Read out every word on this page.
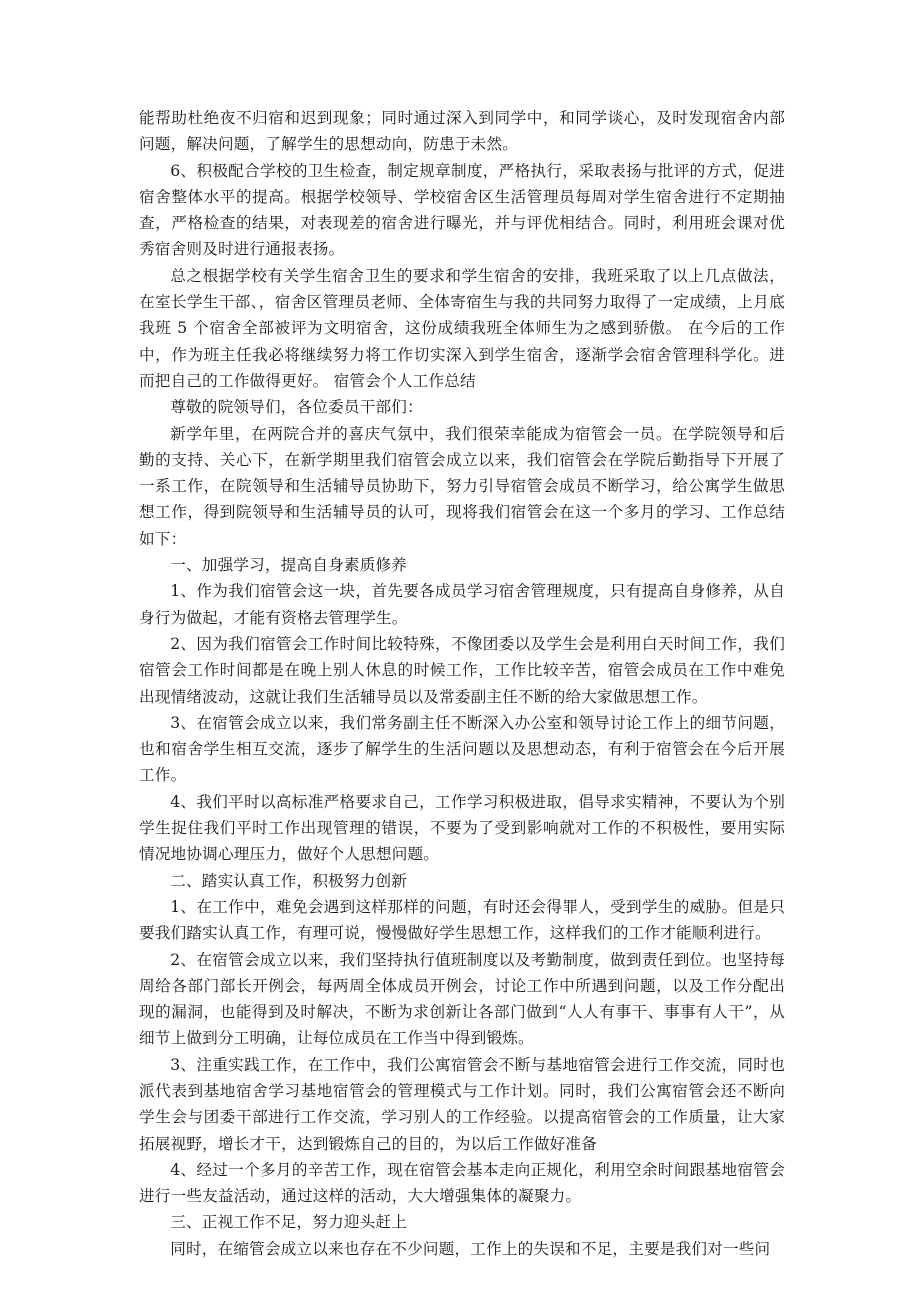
能帮助杜绝夜不归宿和迟到现象；同时通过深入到同学中，和同学谈心，及时发现宿舍内部问题，解决问题，了解学生的思想动向，防患于未然。

6、积极配合学校的卫生检查，制定规章制度，严格执行，采取表扬与批评的方式，促进宿舍整体水平的提高。根据学校领导、学校宿舍区生活管理员每周对学生宿舍进行不定期抽查，严格检查的结果，对表现差的宿舍进行曝光，并与评优相结合。同时，利用班会课对优秀宿舍则及时进行通报表扬。

总之根据学校有关学生宿舍卫生的要求和学生宿舍的安排，我班采取了以上几点做法，在室长学生干部、，宿舍区管理员老师、全体寄宿生与我的共同努力取得了一定成绩，上月底我班 5 个宿舍全部被评为文明宿舍，这份成绩我班全体师生为之感到骄傲。 在今后的工作中，作为班主任我必将继续努力将工作切实深入到学生宿舍，逐渐学会宿舍管理科学化。进而把自己的工作做得更好。 宿管会个人工作总结

尊敬的院领导们，各位委员干部们：

新学年里，在两院合并的喜庆气氛中，我们很荣幸能成为宿管会一员。在学院领导和后勤的支持、关心下，在新学期里我们宿管会成立以来，我们宿管会在学院后勤指导下开展了一系工作，在院领导和生活辅导员协助下，努力引导宿管会成员不断学习，给公寓学生做思想工作，得到院领导和生活辅导员的认可，现将我们宿管会在这一个多月的学习、工作总结如下：

一、加强学习，提高自身素质修养

1、作为我们宿管会这一块，首先要各成员学习宿舍管理规度，只有提高自身修养，从自身行为做起，才能有资格去管理学生。

2、因为我们宿管会工作时间比较特殊，不像团委以及学生会是利用白天时间工作，我们宿管会工作时间都是在晚上别人休息的时候工作，工作比较辛苦，宿管会成员在工作中难免出现情绪波动，这就让我们生活辅导员以及常委副主任不断的给大家做思想工作。

3、在宿管会成立以来，我们常务副主任不断深入办公室和领导讨论工作上的细节问题，也和宿舍学生相互交流，逐步了解学生的生活问题以及思想动态，有利于宿管会在今后开展工作。

4、我们平时以高标准严格要求自己，工作学习积极进取，倡导求实精神，不要认为个别学生捉住我们平时工作出现管理的错误，不要为了受到影响就对工作的不积极性，要用实际情况地协调心理压力，做好个人思想问题。

二、踏实认真工作，积极努力创新

1、在工作中，难免会遇到这样那样的问题，有时还会得罪人，受到学生的威胁。但是只要我们踏实认真工作，有理可说，慢慢做好学生思想工作，这样我们的工作才能顺利进行。

2、在宿管会成立以来，我们坚持执行值班制度以及考勤制度，做到责任到位。也坚持每周给各部门部长开例会，每两周全体成员开例会，讨论工作中所遇到问题，以及工作分配出现的漏洞，也能得到及时解决，不断为求创新让各部门做到“人人有事干、事事有人干”，从细节上做到分工明确，让每位成员在工作当中得到锻炼。

3、注重实践工作，在工作中，我们公寓宿管会不断与基地宿管会进行工作交流，同时也派代表到基地宿舍学习基地宿管会的管理模式与工作计划。同时，我们公寓宿管会还不断向学生会与团委干部进行工作交流，学习别人的工作经验。以提高宿管会的工作质量，让大家拓展视野，增长才干，达到锻炼自己的目的，为以后工作做好准备

4、经过一个多月的辛苦工作，现在宿管会基本走向正规化，利用空余时间跟基地宿管会进行一些友益活动，通过这样的活动，大大增强集体的凝聚力。

三、正视工作不足，努力迎头赶上

同时，在缩管会成立以来也存在不少问题，工作上的失误和不足，主要是我们对一些问
